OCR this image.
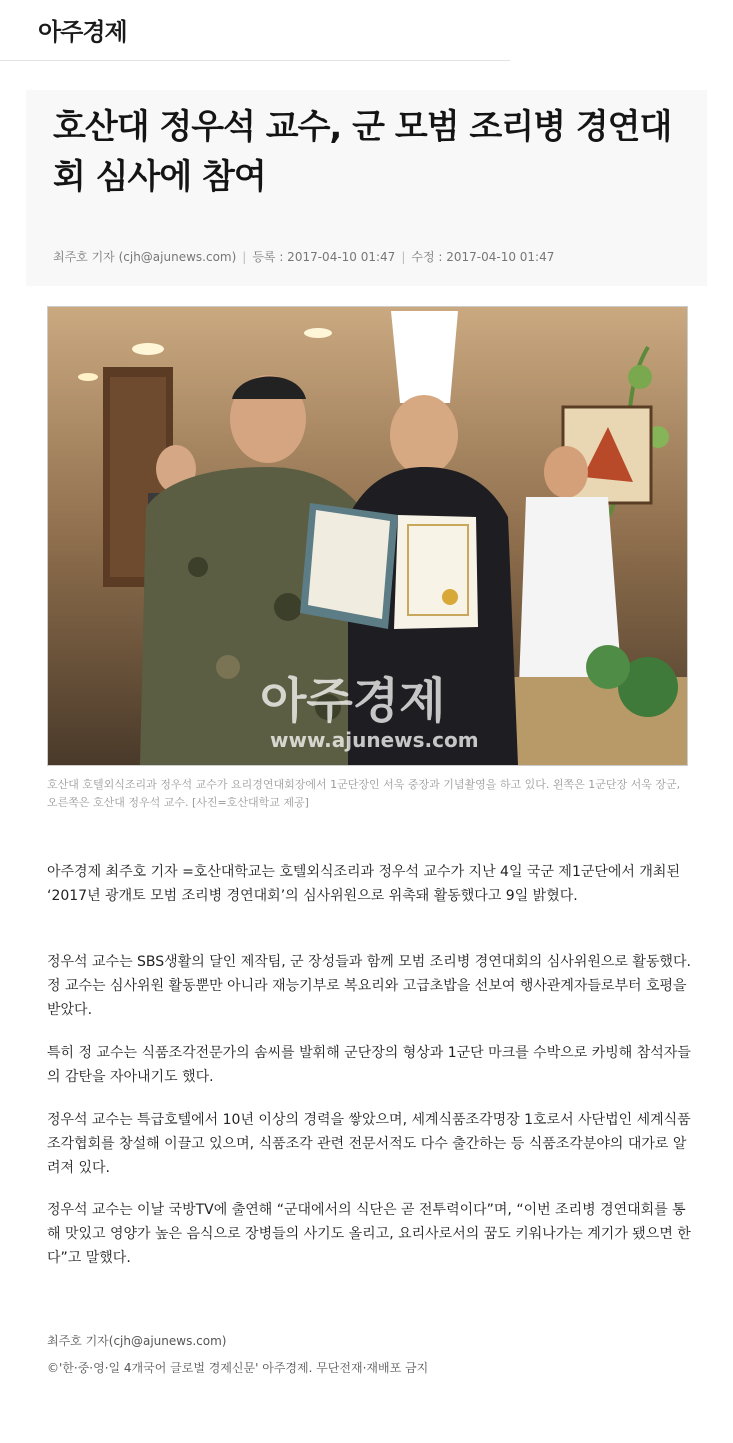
아주경제
호산대 정우석 교수, 군 모범 조리병 경연대회 심사에 참여
최주호 기자 (cjh@ajunews.com) | 등록 : 2017-04-10 01:47 | 수정 : 2017-04-10 01:47
아주경제
www.ajunews.com

호산대 호텔외식조리과 정우석 교수가 요리경연대회장에서 1군단장인 서욱 중장과 기념촬영을 하고 있다. 왼쪽은 1군단장 서욱 장군, 오른쪽은 호산대 정우석 교수. [사진=호산대학교 제공]

아주경제 최주호 기자 =호산대학교는 호텔외식조리과 정우석 교수가 지난 4일 국군 제1군단에서 개최된 ‘2017년 광개토 모범 조리병 경연대회’의 심사위원으로 위촉돼 활동했다고 9일 밝혔다.

정우석 교수는 SBS생활의 달인 제작팀, 군 장성들과 함께 모범 조리병 경연대회의 심사위원으로 활동했다. 정 교수는 심사위원 활동뿐만 아니라 재능기부로 복요리와 고급초밥을 선보여 행사관계자들로부터 호평을 받았다.

특히 정 교수는 식품조각전문가의 솜씨를 발휘해 군단장의 형상과 1군단 마크를 수박으로 카빙해 참석자들의 감탄을 자아내기도 했다.

정우석 교수는 특급호텔에서 10년 이상의 경력을 쌓았으며, 세계식품조각명장 1호로서 사단법인 세계식품조각협회를 창설해 이끌고 있으며, 식품조각 관련 전문서적도 다수 출간하는 등 식품조각분야의 대가로 알려져 있다.

정우석 교수는 이날 국방TV에 출연해 “군대에서의 식단은 곧 전투력이다”며, “이번 조리병 경연대회를 통해 맛있고 영양가 높은 음식으로 장병들의 사기도 올리고, 요리사로서의 꿈도 키워나가는 계기가 됐으면 한다”고 말했다.

최주호 기자(cjh@ajunews.com)
©'한·중·영·일 4개국어 글로벌 경제신문' 아주경제. 무단전재·재배포 금지
